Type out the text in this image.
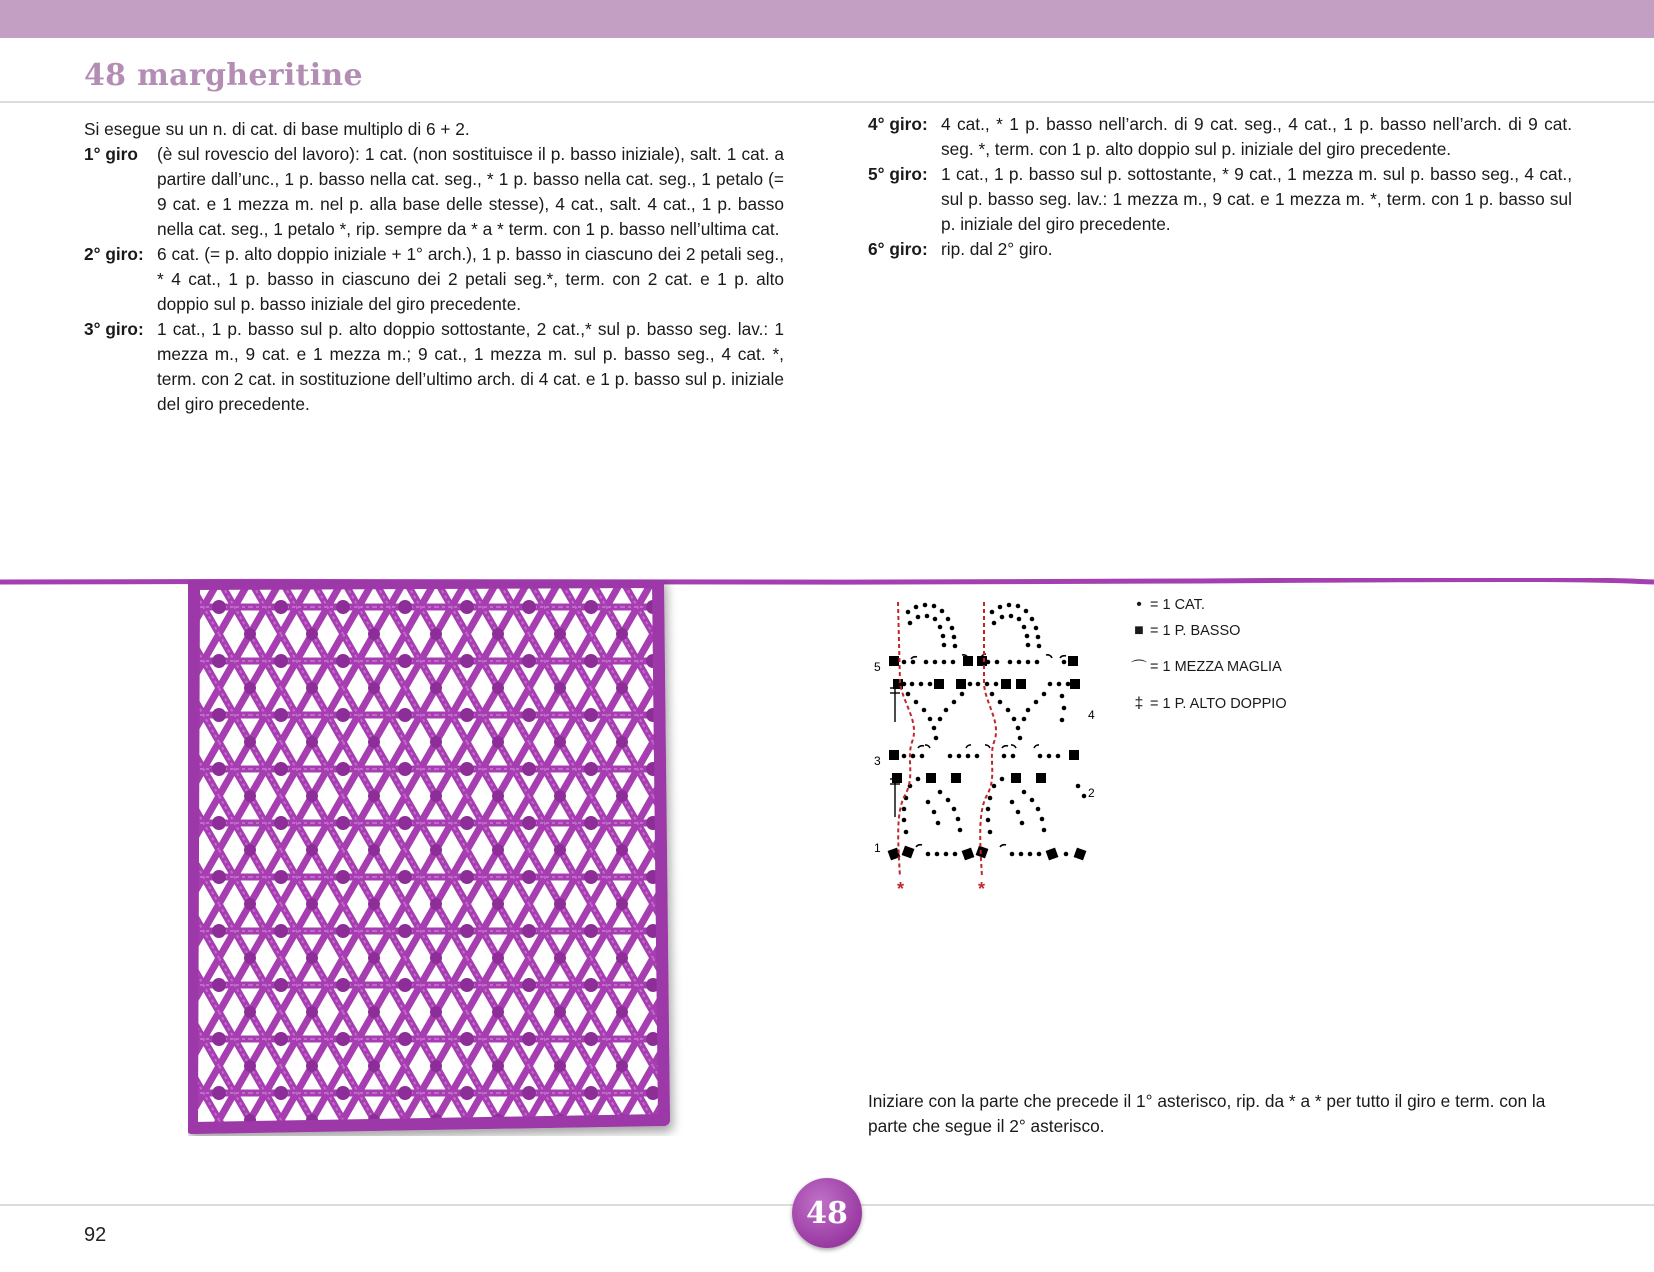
48 margheritine

Si esegue su un n. di cat. di base multiplo di 6 + 2.

1° giro	(è sul rovescio del lavoro): 1 cat. (non sostituisce il p. basso iniziale), salt. 1 cat. a partire dall’unc., 1 p. basso nella cat. seg., * 1 p. basso nella cat. seg., 1 petalo (= 9 cat. e 1 mezza m. nel p. alla base delle stesse), 4 cat., salt. 4 cat., 1 p. basso nella cat. seg., 1 petalo *, rip. sempre da * a * term. con 1 p. basso nell’ultima cat.
2° giro: 6 cat. (= p. alto doppio iniziale + 1° arch.), 1 p. basso in ciascuno dei 2 petali seg., * 4 cat., 1 p. basso in ciascuno dei 2 petali seg.*, term. con 2 cat. e 1 p. alto doppio sul p. basso iniziale del giro precedente.
3° giro: 1 cat., 1 p. basso sul p. alto doppio sottostante, 2 cat.,* sul p. basso seg. lav.: 1 mezza m., 9 cat. e 1 mezza m.; 9 cat., 1 mezza m. sul p. basso seg., 4 cat. *, term. con 2 cat. in sostituzione dell’ultimo arch. di 4 cat. e 1 p. basso sul p. iniziale del giro precedente.
4° giro: 4 cat., * 1 p. basso nell’arch. di 9 cat. seg., 4 cat., 1 p. basso nell’arch. di 9 cat. seg. *, term. con 1 p. alto doppio sul p. iniziale del giro precedente.
5° giro: 1 cat., 1 p. basso sul p. sottostante, * 9 cat., 1 mezza m. sul p. basso seg., 4 cat., sul p. basso seg. lav.: 1 mezza m., 9 cat. e 1 mezza m. *, term. con 1 p. basso sul p. iniziale del giro precedente.
6° giro: rip. dal 2° giro.
5
4
3
2
1
*	*
• = 1 CAT.
■ = 1 P. BASSO
⌒ = 1 MEZZA MAGLIA
‡ = 1 P. ALTO DOPPIO
Iniziare con la parte che precede il 1° asterisco, rip. da * a * per tutto il giro e term. con la parte che segue il 2° asterisco.
48
92
